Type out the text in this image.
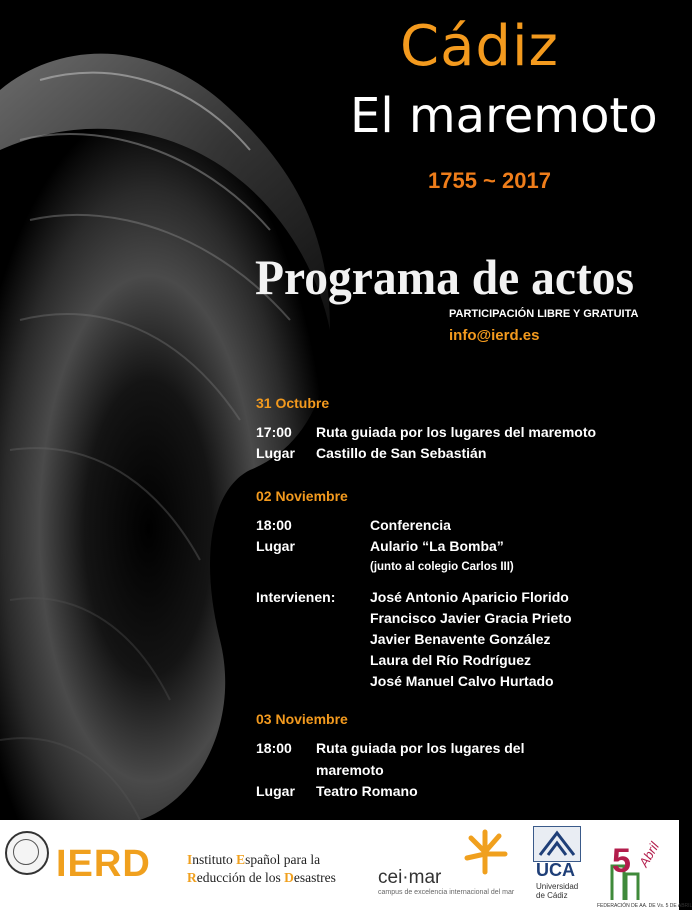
Cádiz
El maremoto
1755 ~ 2017
Programa de actos
PARTICIPACIÓN LIBRE Y GRATUITA
info@ierd.es
31 Octubre
17:00 Ruta guiada por los lugares del maremoto
Lugar Castillo de San Sebastián
02 Noviembre
18:00	Conferencia
Lugar	Aulario “La Bomba”
(junto al colegio Carlos III)
Intervienen: José Antonio Aparicio Florido
Francisco Javier Gracia Prieto
Javier Benavente González
Laura del Río Rodríguez
José Manuel Calvo Hurtado
03 Noviembre
18:00 Ruta guiada por los lugares del
maremoto
Lugar Teatro Romano
IERD	Instituto Español para la
Reducción de los Desastres cei·mar
campus de excelencia internacional del mar
UCA
Universidad
de Cádiz
5 Abril
FEDERACIÓN DE AA. DE Vs. 5 DE ABRIL
